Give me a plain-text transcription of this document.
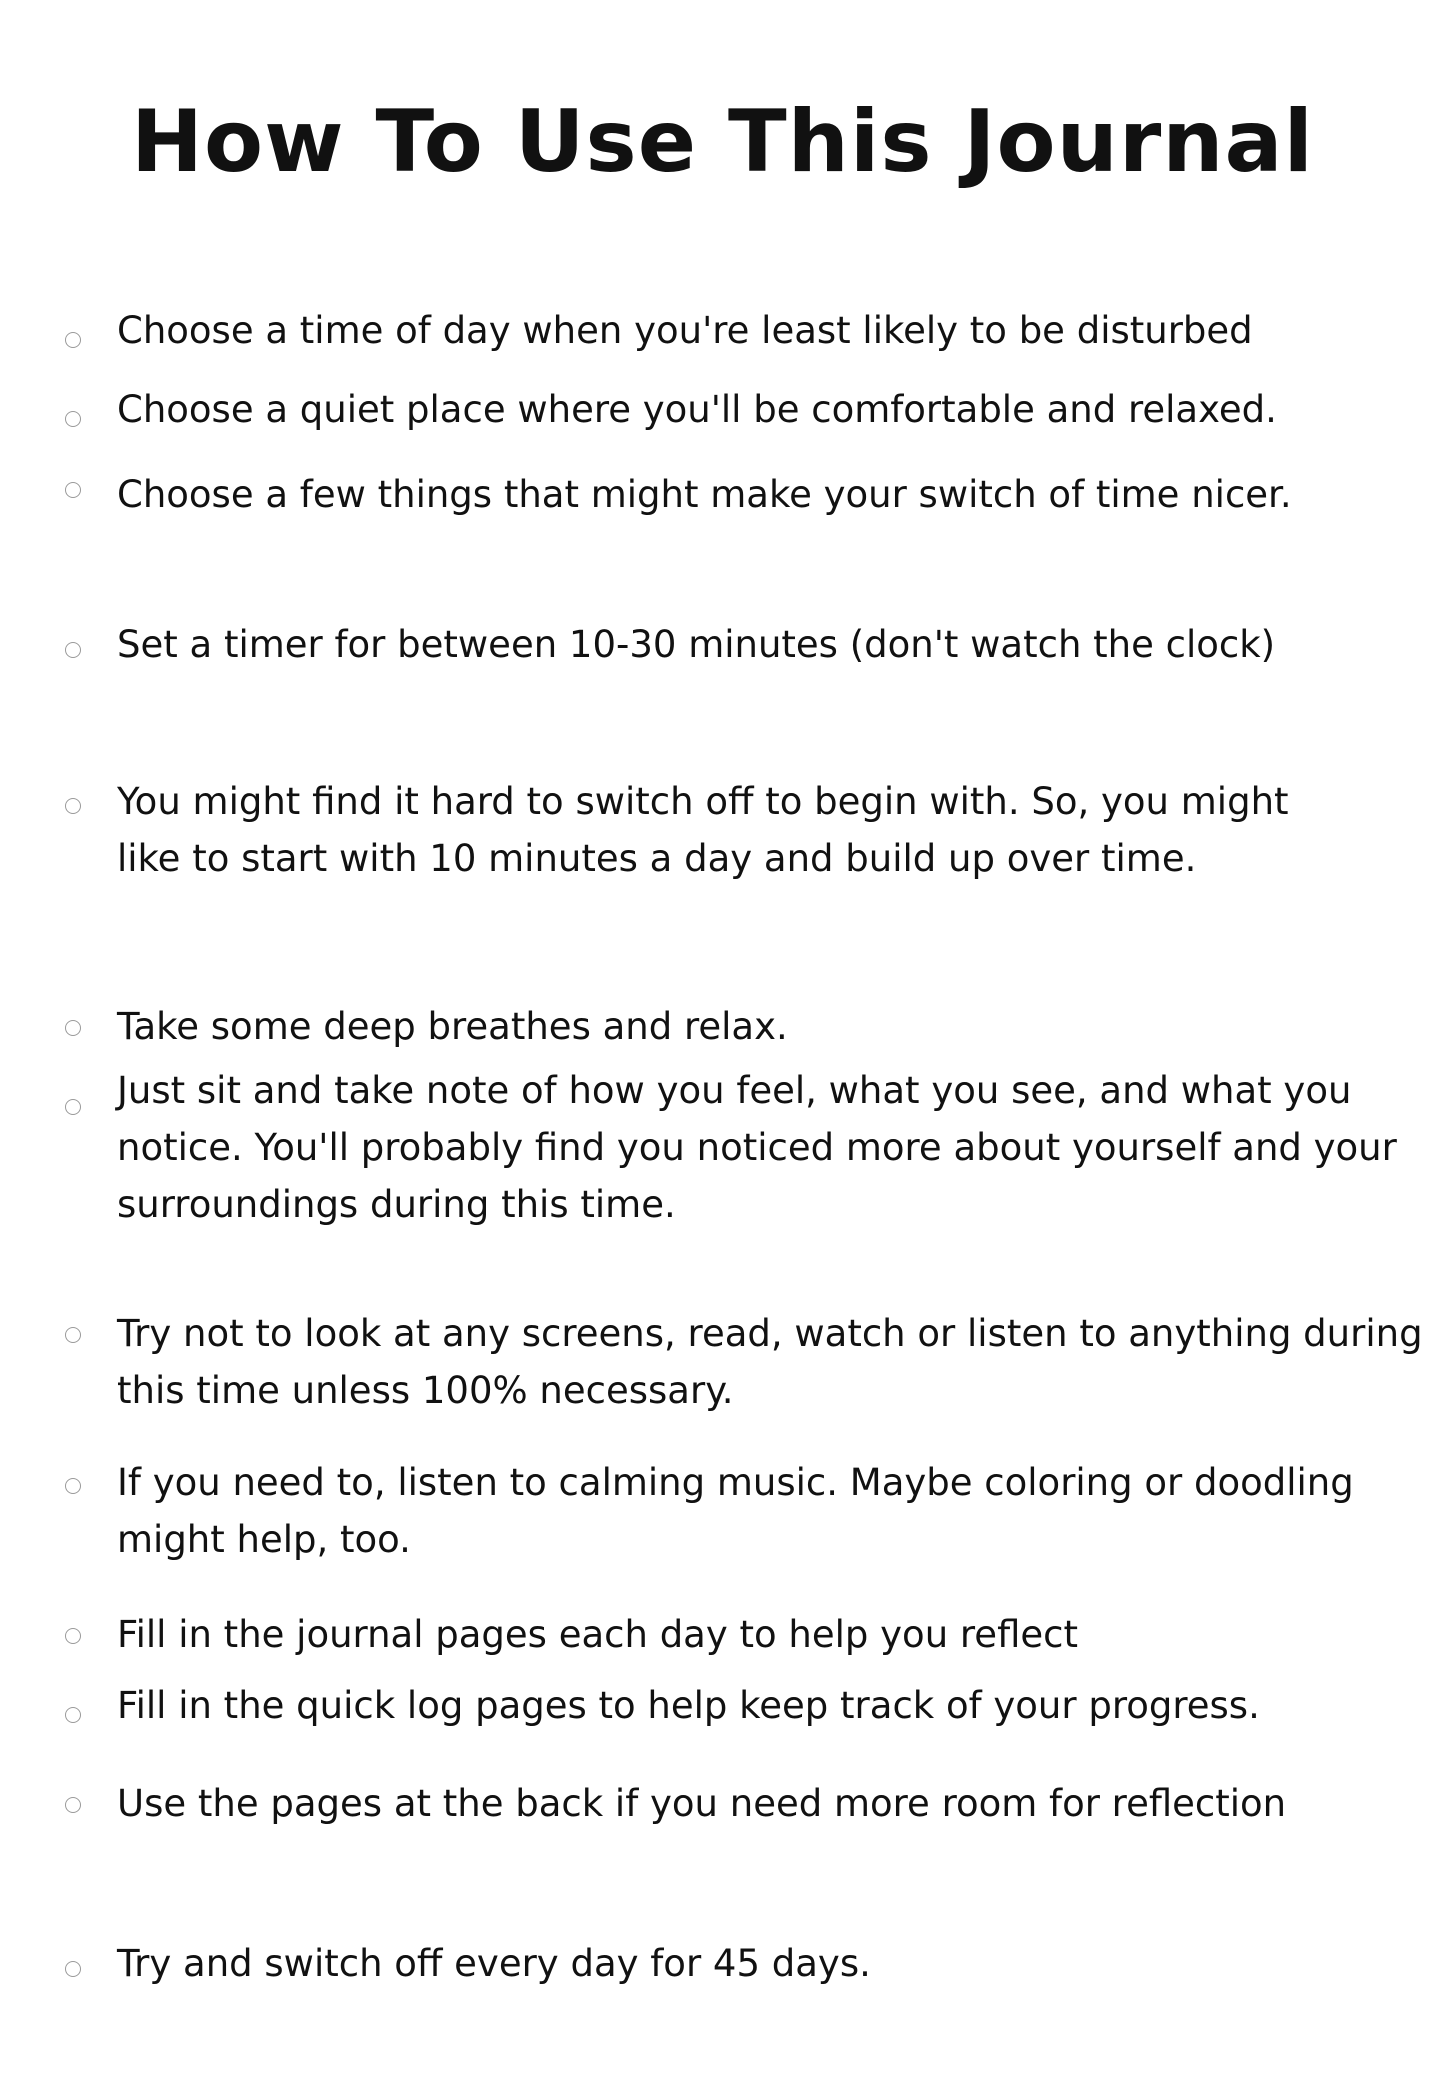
How To Use This Journal
Choose a time of day when you're least likely to be disturbed
Choose a quiet place where you'll be comfortable and relaxed.
Choose a few things that might make your switch of time nicer.
Set a timer for between 10-30 minutes (don't watch the clock)
You might find it hard to switch off to begin with. So, you might
like to start with 10 minutes a day and build up over time.
Take some deep breathes and relax.
Just sit and take note of how you feel, what you see, and what you
notice. You'll probably find you noticed more about yourself and your
surroundings during this time.
Try not to look at any screens, read, watch or listen to anything during
this time unless 100% necessary.
If you need to, listen to calming music. Maybe coloring or doodling
might help, too.
Fill in the journal pages each day to help you reflect
Fill in the quick log pages to help keep track of your progress.
Use the pages at the back if you need more room for reflection
Try and switch off every day for 45 days.
